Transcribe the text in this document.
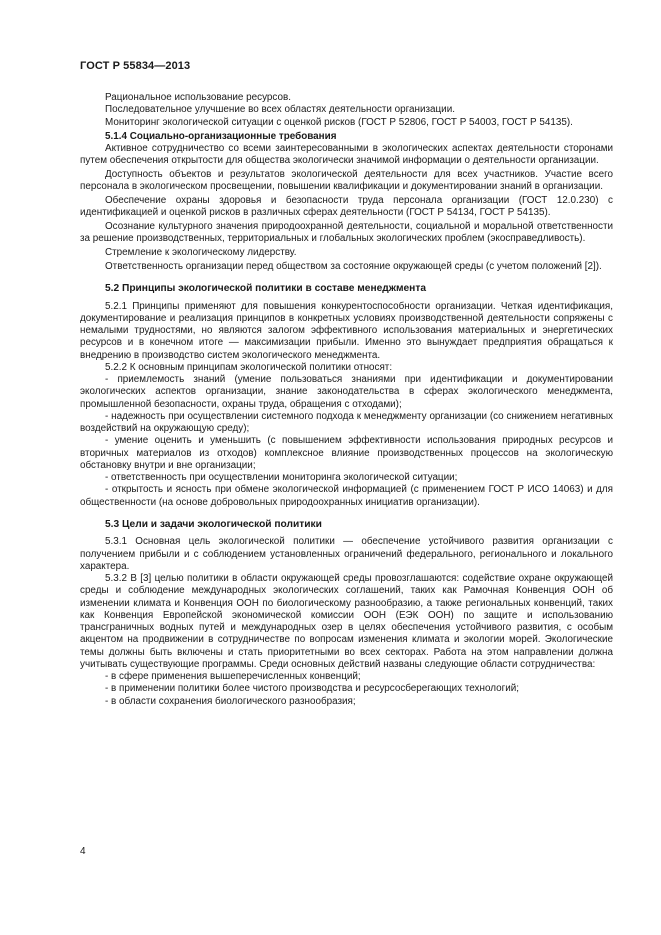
ГОСТ Р 55834—2013

Рациональное использование ресурсов.

Последовательное улучшение во всех областях деятельности организации.

Мониторинг экологической ситуации с оценкой рисков (ГОСТ Р 52806, ГОСТ Р 54003, ГОСТ Р 54135).

5.1.4 Социально-организационные требования

Активное сотрудничество со всеми заинтересованными в экологических аспектах деятельности сторонами путем обеспечения открытости для общества экологически значимой информации о деятельности организации.

Доступность объектов и результатов экологической деятельности для всех участников. Участие всего персонала в экологическом просвещении, повышении квалификации и документировании знаний в организации.

Обеспечение охраны здоровья и безопасности труда персонала организации (ГОСТ 12.0.230) с идентификацией и оценкой рисков в различных сферах деятельности (ГОСТ Р 54134, ГОСТ Р 54135).

Осознание культурного значения природоохранной деятельности, социальной и моральной ответственности за решение производственных, территориальных и глобальных экологических проблем (экосправедливость).

Стремление к экологическому лидерству.

Ответственность организации перед обществом за состояние окружающей среды (с учетом положений [2]).

5.2 Принципы экологической политики в составе менеджмента

5.2.1 Принципы применяют для повышения конкурентоспособности организации. Четкая идентификация, документирование и реализация принципов в конкретных условиях производственной деятельности сопряжены с немалыми трудностями, но являются залогом эффективного использования материальных и энергетических ресурсов и в конечном итоге — максимизации прибыли. Именно это вынуждает предприятия обращаться к внедрению в производство систем экологического менеджмента.

5.2.2 К основным принципам экологической политики относят:

- приемлемость знаний (умение пользоваться знаниями при идентификации и документировании экологических аспектов организации, знание законодательства в сферах экологического менеджмента, промышленной безопасности, охраны труда, обращения с отходами);

- надежность при осуществлении системного подхода к менеджменту организации (со снижением негативных воздействий на окружающую среду);

- умение оценить и уменьшить (с повышением эффективности использования природных ресурсов и вторичных материалов из отходов) комплексное влияние производственных процессов на экологическую обстановку внутри и вне организации;

- ответственность при осуществлении мониторинга экологической ситуации;

- открытость и ясность при обмене экологической информацией (с применением ГОСТ Р ИСО 14063) и для общественности (на основе добровольных природоохранных инициатив организации).

5.3 Цели и задачи экологической политики

5.3.1 Основная цель экологической политики — обеспечение устойчивого развития организации с получением прибыли и с соблюдением установленных ограничений федерального, регионального и локального характера.

5.3.2 В [3] целью политики в области окружающей среды провозглашаются: содействие охране окружающей среды и соблюдение международных экологических соглашений, таких как Рамочная Конвенция ООН об изменении климата и Конвенция ООН по биологическому разнообразию, а также региональных конвенций, таких как Конвенция Европейской экономической комиссии ООН (ЕЭК ООН) по защите и использованию трансграничных водных путей и международных озер в целях обеспечения устойчивого развития, с особым акцентом на продвижении в сотрудничестве по вопросам изменения климата и экологии морей. Экологические темы должны быть включены и стать приоритетными во всех секторах. Работа на этом направлении должна учитывать существующие программы. Среди основных действий названы следующие области сотрудничества:

- в сфере применения вышеперечисленных конвенций;

- в применении политики более чистого производства и ресурсосберегающих технологий;

- в области сохранения биологического разнообразия;

4
